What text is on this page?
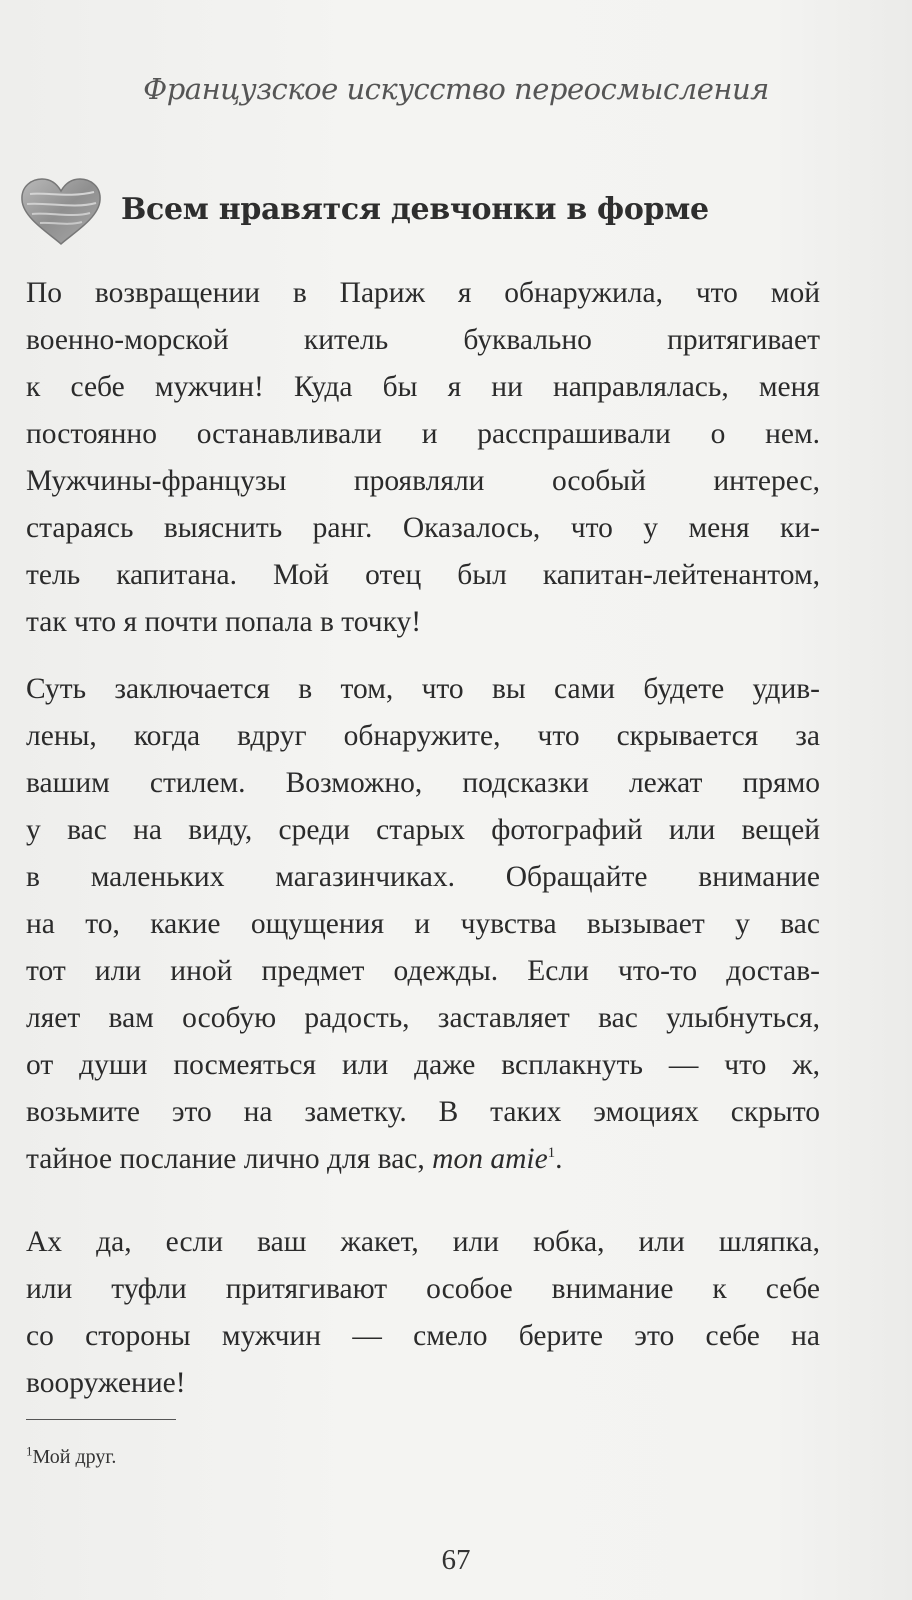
Французское искусство переосмысления
Всем нравятся девчонки в форме
По возвращении в Париж я обнаружила, что мой
военно-морской китель буквально притягивает
к себе мужчин! Куда бы я ни направлялась, меня
постоянно останавливали и расспрашивали о нем.
Мужчины-французы проявляли особый интерес,
стараясь выяснить ранг. Оказалось, что у меня ки-
тель капитана. Мой отец был капитан-лейтенантом,
так что я почти попала в точку!
Суть заключается в том, что вы сами будете удив-
лены, когда вдруг обнаружите, что скрывается за
вашим стилем. Возможно, подсказки лежат прямо
у вас на виду, среди старых фотографий или вещей
в маленьких магазинчиках. Обращайте внимание
на то, какие ощущения и чувства вызывает у вас
тот или иной предмет одежды. Если что-то достав-
ляет вам особую радость, заставляет вас улыбнуться,
от души посмеяться или даже всплакнуть — что ж,
возьмите это на заметку. В таких эмоциях скрыто
тайное послание лично для вас, mon amie$^1$.
Ах да, если ваш жакет, или юбка, или шляпка,
или туфли притягивают особое внимание к себе
со стороны мужчин — смело берите это себе на
вооружение!
$^1$Мой друг.
67
